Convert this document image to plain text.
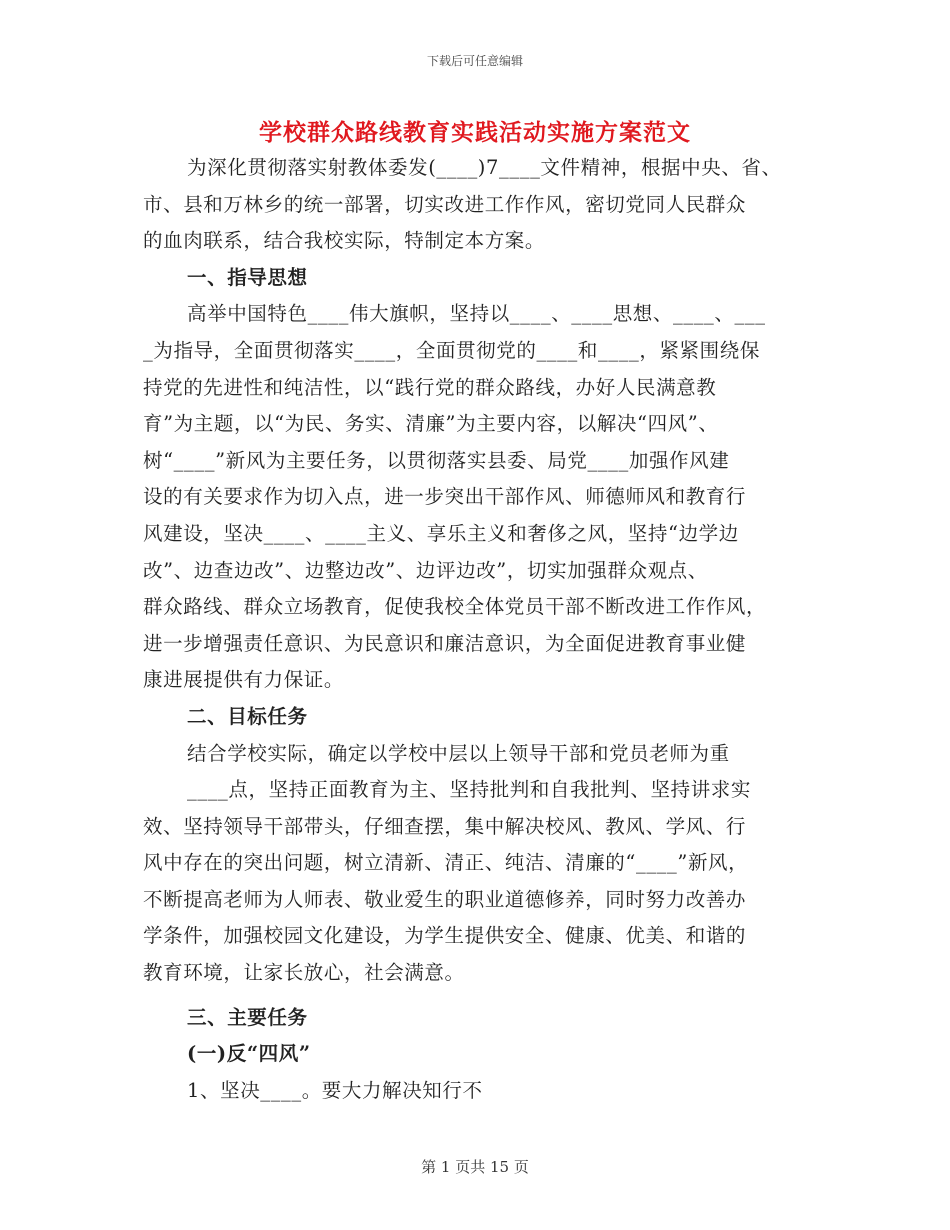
下载后可任意编辑
学校群众路线教育实践活动实施方案范文
为深化贯彻落实射教体委发(____)7____文件精神，根据中央、省、
市、县和万林乡的统一部署，切实改进工作作风，密切党同人民群众
的血肉联系，结合我校实际，特制定本方案。
一、指导思想
高举中国特色____伟大旗帜，坚持以____、____思想、____、___
_为指导，全面贯彻落实____，全面贯彻党的____和____，紧紧围绕保
持党的先进性和纯洁性，以“践行党的群众路线，办好人民满意教
育”为主题，以“为民、务实、清廉”为主要内容，以解决“四风”、
树“____”新风为主要任务，以贯彻落实县委、局党____加强作风建
设的有关要求作为切入点，进一步突出干部作风、师德师风和教育行
风建设，坚决____、____主义、享乐主义和奢侈之风，坚持“边学边
改”、边查边改”、边整边改”、边评边改”，切实加强群众观点、
群众路线、群众立场教育，促使我校全体党员干部不断改进工作作风，
进一步增强责任意识、为民意识和廉洁意识，为全面促进教育事业健
康进展提供有力保证。
二、目标任务
结合学校实际，确定以学校中层以上领导干部和党员老师为重
____点，坚持正面教育为主、坚持批判和自我批判、坚持讲求实
效、坚持领导干部带头，仔细查摆，集中解决校风、教风、学风、行
风中存在的突出问题，树立清新、清正、纯洁、清廉的“____”新风，
不断提高老师为人师表、敬业爱生的职业道德修养，同时努力改善办
学条件，加强校园文化建设，为学生提供安全、健康、优美、和谐的
教育环境，让家长放心，社会满意。
三、主要任务
(一)反“四风”
1、坚决____。要大力解决知行不
第 1 页共 15 页
